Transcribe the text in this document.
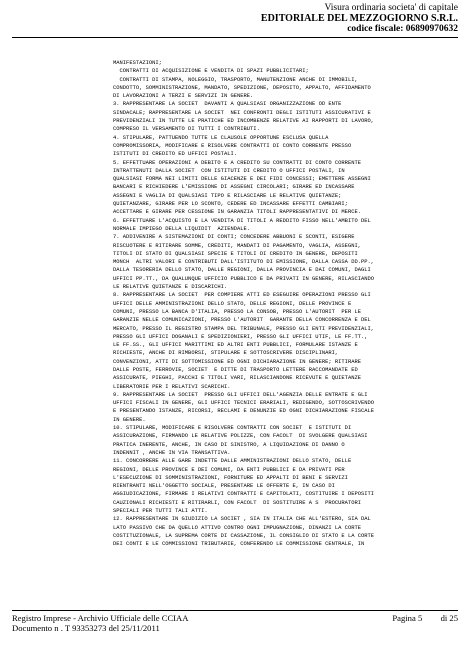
Visura ordinaria societa' di capitale
EDITORIALE DEL MEZZOGIORNO S.R.L.
codice fiscale: 06890970632
MANIFESTAZIONI;
CONTRATTI DI ACQUISIZIONE E VENDITA DI SPAZI PUBBLICITARI;
CONTRATTI DI STAMPA, NOLEGGIO, TRASPORTO, MANUTENZIONE ANCHE DI IMMOBILI,
CONDOTTO, SOMMINISTRAZIONE, MANDATO, SPEDIZIONE, DEPOSITO, APPALTO, AFFIDAMENTO
DI LAVORAZIONI A TERZI E SERVIZI IN GENERE.
3. RAPPRESENTARE LA SOCIET  DAVANTI A QUALSIASI ORGANIZZAZIONE OD ENTE
SINDACALE; RAPPRESENTARE LA SOCIET  NEI CONFRONTI DEGLI ISTITUTI ASSICURATIVI E
PREVIDENZIALI IN TUTTE LE PRATICHE ED INCOMBENZE RELATIVE AI RAPPORTI DI LAVORO,
COMPRESO IL VERSAMENTO DI TUTTI I CONTRIBUTI.
4. STIPULARE, PATTUENDO TUTTE LE CLAUSOLE OPPORTUNE ESCLUSA QUELLA
COMPROMISSORIA, MODIFICARE E RISOLVERE CONTRATTI DI CONTO CORRENTE PRESSO
ISTITUTI DI CREDITO ED UFFICI POSTALI.
5. EFFETTUARE OPERAZIONI A DEBITO E A CREDITO SU CONTRATTI DI CONTO CORRENTE
INTRATTENUTI DALLA SOCIET  CON ISTITUTI DI CREDITO O UFFICI POSTALI, IN
QUALSIASI FORMA NEI LIMITI DELLE GIACENZE E DEI FIDI CONCESSI; EMETTERE ASSEGNI
BANCARI E RICHIEDERE L'EMISSIONE DI ASSEGNI CIRCOLARI; GIRARE ED INCASSARE
ASSEGNI E VAGLIA DI QUALSIASI TIPO E RILASCIARE LE RELATIVE QUIETANZE;
QUIETANZARE, GIRARE PER LO SCONTO, CEDERE ED INCASSARE EFFETTI CAMBIARI;
ACCETTARE E GIRARE PER CESSIONE IN GARANZIA TITOLI RAPPRESENTATIVI DI MERCE.
6. EFFETTUARE L'ACQUISTO E LA VENDITA DI TITOLI A REDDITO FISSO NELL'AMBITO DEL
NORMALE IMPIEGO DELLA LIQUIDIT  AZIENDALE.
7. ADDIVENIRE A SISTEMAZIONI DI CONTI; CONCEDERE ABBUONI E SCONTI, ESIGERE
RISCUOTERE E RITIRARE SOMME, CREDITI, MANDATI DI PAGAMENTO, VAGLIA, ASSEGNI,
TITOLI DI STATO DI QUALSIASI SPECIE E TITOLI DI CREDITO IN GENERE, DEPOSITI
MONCH  ALTRI VALORI E CONTRIBUTI DALL'ISTITUTO DI EMISSIONE, DALLA CASSA DD.PP.,
DALLA TESORERIA DELLO STATO, DALLE REGIONI, DALLA PROVINCIA E DAI COMUNI, DAGLI
UFFICI PP.TT., DA QUALUNQUE UFFICIO PUBBLICO E DA PRIVATI IN GENERE, RILASCIANDO
LE RELATIVE QUIETANZE E DISCARICHI.
8. RAPPRESENTARE LA SOCIET  PER COMPIERE ATTI ED ESEGUIRE OPERAZIONI PRESSO GLI
UFFICI DELLE AMMINISTRAZIONI DELLO STATO, DELLE REGIONI, DELLE PROVINCE E
COMUNI, PRESSO LA BANCA D'ITALIA, PRESSO LA CONSOB, PRESSO L'AUTORIT  PER LE
GARANZIE NELLE COMUNICAZIONI, PRESSO L'AUTORIT  GARANTE DELLA CONCORRENZA E DEL
MERCATO, PRESSO IL REGISTRO STAMPA DEL TRIBUNALE, PRESSO GLI ENTI PREVIDENZIALI,
PRESSO GLI UFFICI DOGANALI E SPEDIZIONIERI, PRESSO GLI UFFICI UTIF, LE FF.TT.,
LE FF.SS., GLI UFFICI MARITTIMI ED ALTRI ENTI PUBBLICI, FORMULARE ISTANZE E
RICHIESTE, ANCHE DI RIMBORSI, STIPULARE E SOTTOSCRIVERE DISCIPLINARI,
CONVENZIONI, ATTI DI SOTTOMISSIONE ED OGNI DICHIARAZIONE IN GENERE; RITIRARE
DALLE POSTE, FERROVIE, SOCIET  E DITTE DI TRASPORTO LETTERE RACCOMANDATE ED
ASSICURATE, PIEGHI, PACCHI E TITOLI VARI, RILASCIANDONE RICEVUTE E QUIETANZE
LIBERATORIE PER I RELATIVI SCARICHI.
9. RAPPRESENTARE LA SOCIET  PRESSO GLI UFFICI DELL'AGENZIA DELLE ENTRATE E GLI
UFFICI FISCALI IN GENERE, GLI UFFICI TECNICI ERARIALI, REDIGENDO, SOTTOSCRIVENDO
E PRESENTANDO ISTANZE, RICORSI, RECLAMI E DENUNZIE ED OGNI DICHIARAZIONE FISCALE
IN GENERE.
10. STIPULARE, MODIFICARE E RISOLVERE CONTRATTI CON SOCIET  E ISTITUTI DI
ASSICURAZIONE, FIRMANDO LE RELATIVE POLIZZE, CON FACOLT  DI SVOLGERE QUALSIASI
PRATICA INERENTE, ANCHE, IN CASO DI SINISTRO, A LIQUIDAZIONE DI DANNO O
INDENNIT , ANCHE IN VIA TRANSATTIVA.
11. CONCORRERE ALLE GARE INDETTE DALLE AMMINISTRAZIONI DELLO STATO, DELLE
REGIONI, DELLE PROVINCE E DEI COMUNI, DA ENTI PUBBLICI E DA PRIVATI PER
L'ESECUZIONE DI SOMMINISTRAZIONI, FORNITURE ED APPALTI DI BENI E SERVIZI
RIENTRANTI NELL'OGGETTO SOCIALE, PRESENTARE LE OFFERTE E, IN CASO DI
AGGIUDICAZIONE, FIRMARE I RELATIVI CONTRATTI E CAPITOLATI, COSTITUIRE I DEPOSITI
CAUZIONALI RICHIESTI E RITIRARLI, CON FACOLT  DI SOSTITUIRE A S  PROCURATORI
SPECIALI PER TUTTI TALI ATTI.
12. RAPPRESENTARE IN GIUDIZIO LA SOCIET , SIA IN ITALIA CHE ALL'ESTERO, SIA DAL
LATO PASSIVO CHE DA QUELLO ATTIVO CONTRO OGNI IMPUGNAZIONE, DINANZI LA CORTE
COSTITUZIONALE, LA SUPREMA CORTE DI CASSAZIONE, IL CONSIGLIO DI STATO E LA CORTE
DEI CONTI E LE COMMISSIONI TRIBUTARIE, CONFERENDO LE COMMISSIONE CENTRALE, IN
Registro Imprese - Archivio Ufficiale delle CCIAA
Documento n . T 93353273 del 25/11/2011
Pagina 5 di 25
